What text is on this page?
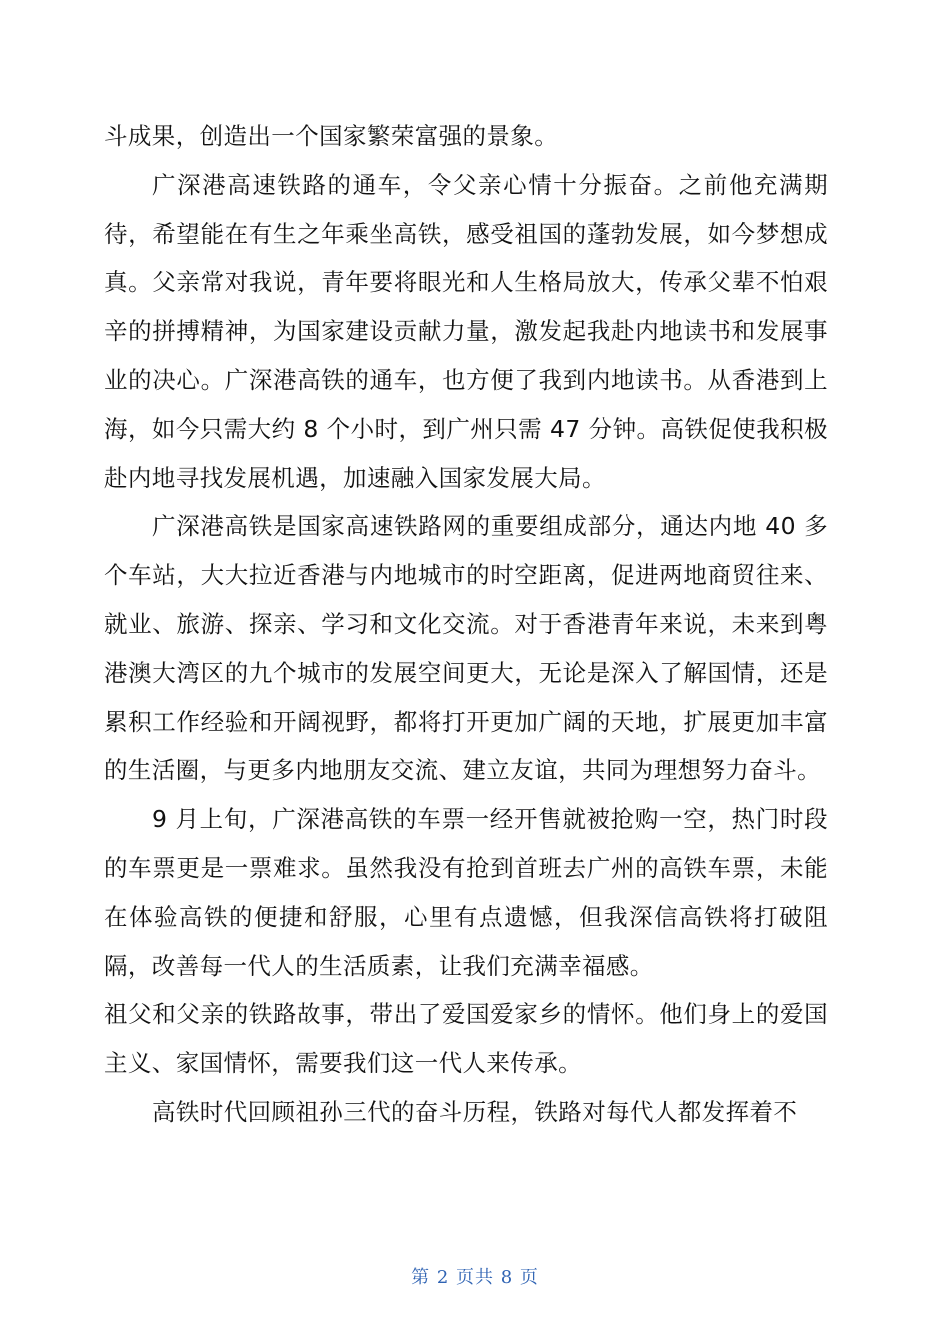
斗成果，创造出一个国家繁荣富强的景象。

广深港高速铁路的通车，令父亲心情十分振奋。之前他充满期待，希望能在有生之年乘坐高铁，感受祖国的蓬勃发展，如今梦想成真。父亲常对我说，青年要将眼光和人生格局放大，传承父辈不怕艰辛的拼搏精神，为国家建设贡献力量，激发起我赴内地读书和发展事业的决心。广深港高铁的通车，也方便了我到内地读书。从香港到上海，如今只需大约 8 个小时，到广州只需 47 分钟。高铁促使我积极赴内地寻找发展机遇，加速融入国家发展大局。

广深港高铁是国家高速铁路网的重要组成部分，通达内地 40 多个车站，大大拉近香港与内地城市的时空距离，促进两地商贸往来、就业、旅游、探亲、学习和文化交流。对于香港青年来说，未来到粤港澳大湾区的九个城市的发展空间更大，无论是深入了解国情，还是累积工作经验和开阔视野，都将打开更加广阔的天地，扩展更加丰富的生活圈，与更多内地朋友交流、建立友谊，共同为理想努力奋斗。

9 月上旬，广深港高铁的车票一经开售就被抢购一空，热门时段的车票更是一票难求。虽然我没有抢到首班去广州的高铁车票，未能在体验高铁的便捷和舒服，心里有点遗憾，但我深信高铁将打破阻隔，改善每一代人的生活质素，让我们充满幸福感。

祖父和父亲的铁路故事，带出了爱国爱家乡的情怀。他们身上的爱国主义、家国情怀，需要我们这一代人来传承。

高铁时代回顾祖孙三代的奋斗历程，铁路对每代人都发挥着不

第 2 页共 8 页
